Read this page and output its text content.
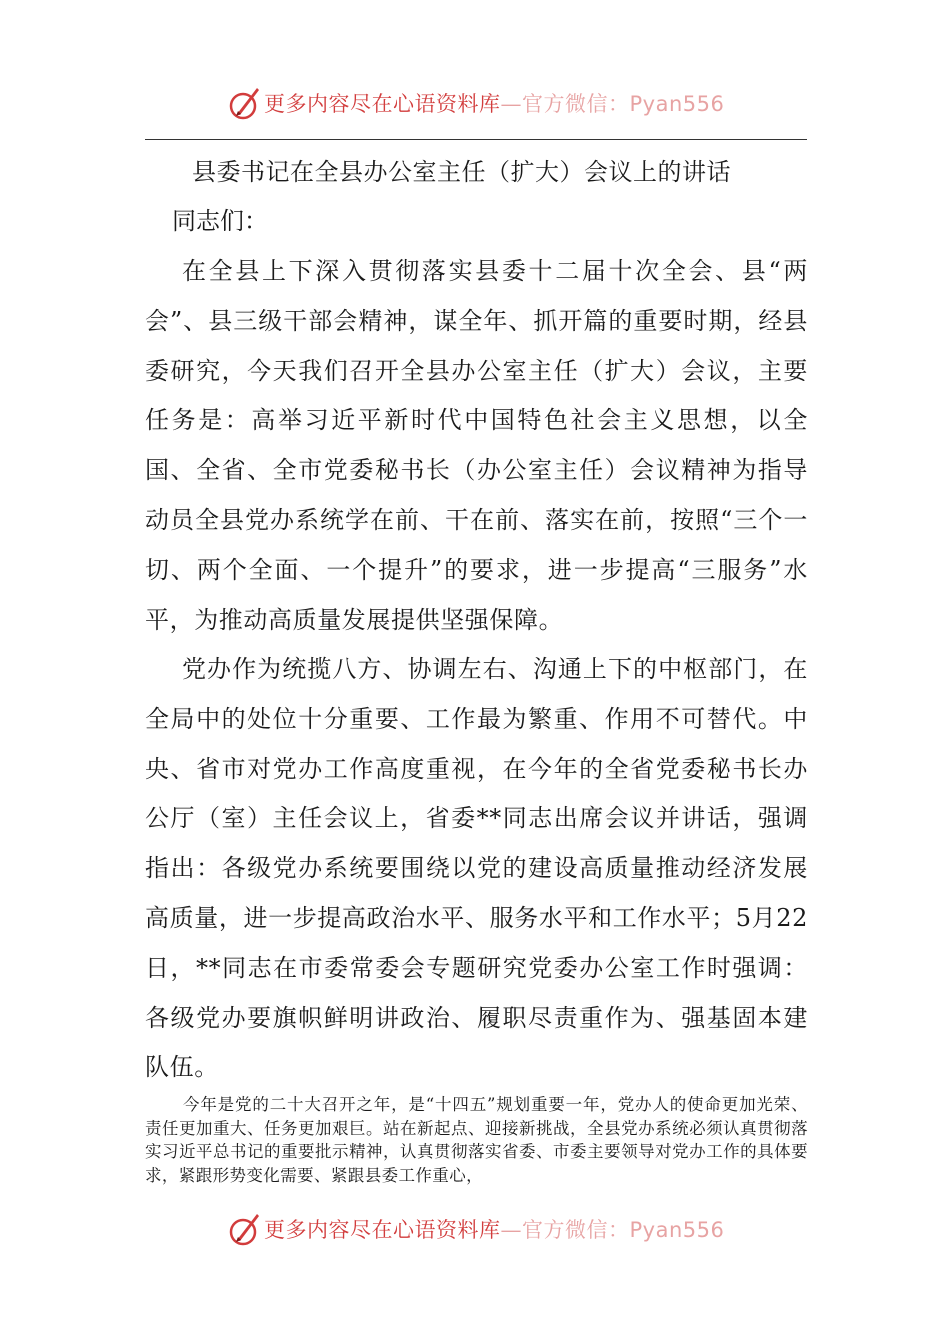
更多内容尽在心语资料库—官方微信：Pyan556
县委书记在全县办公室主任（扩大）会议上的讲话
同志们：

在全县上下深入贯彻落实县委十二届十次全会、县“两会”、县三级干部会精神，谋全年、抓开篇的重要时期，经县委研究，今天我们召开全县办公室主任（扩大）会议，主要任务是：高举习近平新时代中国特色社会主义思想，以全国、全省、全市党委秘书长（办公室主任）会议精神为指导动员全县党办系统学在前、干在前、落实在前，按照“三个一切、两个全面、一个提升”的要求，进一步提高“三服务”水平，为推动高质量发展提供坚强保障。

党办作为统揽八方、协调左右、沟通上下的中枢部门，在全局中的处位十分重要、工作最为繁重、作用不可替代。中央、省市对党办工作高度重视，在今年的全省党委秘书长办公厅（室）主任会议上，省委**同志出席会议并讲话，强调指出：各级党办系统要围绕以党的建设高质量推动经济发展高质量，进一步提高政治水平、服务水平和工作水平；5月22日，**同志在市委常委会专题研究党委办公室工作时强调：各级党办要旗帜鲜明讲政治、履职尽责重作为、强基固本建队伍。

今年是党的二十大召开之年，是“十四五”规划重要一年，党办人的使命更加光荣、责任更加重大、任务更加艰巨。站在新起点、迎接新挑战，全县党办系统必须认真贯彻落实习近平总书记的重要批示精神，认真贯彻落实省委、市委主要领导对党办工作的具体要求，紧跟形势变化需要、紧跟县委工作重心，

更多内容尽在心语资料库—官方微信：Pyan556
